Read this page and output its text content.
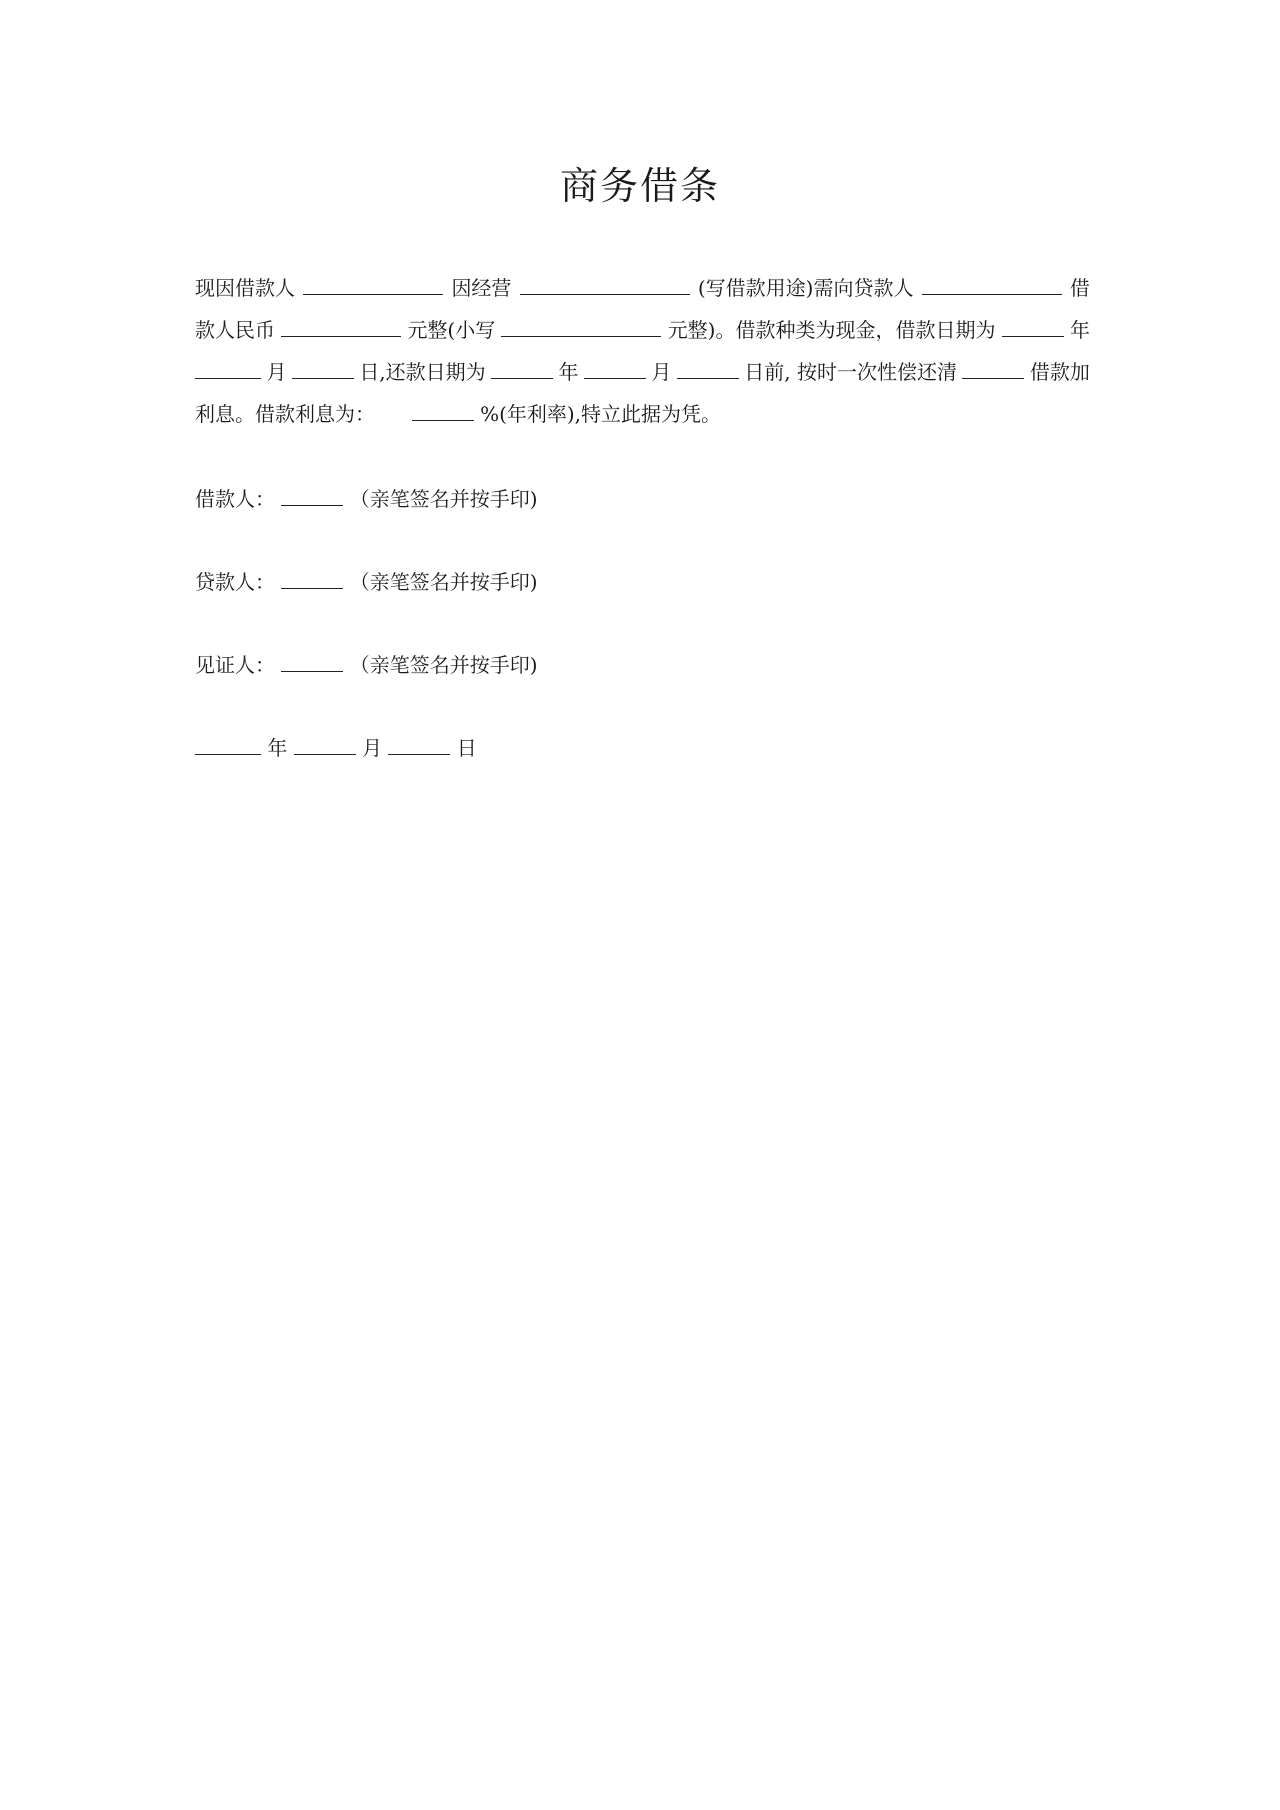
商务借条
现因借款人	因经营	(写借款用途)需向贷款人	借
款人民币	元整(小写	元整)。借款种类为现金，借款日期为	年
月	日,还款日期为	年	月	日前, 按时一次性偿还清	借款加
利息。借款利息为：	%(年利率),特立此据为凭。
借款人：	（亲笔签名并按手印)
贷款人：	（亲笔签名并按手印)
见证人：	（亲笔签名并按手印)
年	月	日
